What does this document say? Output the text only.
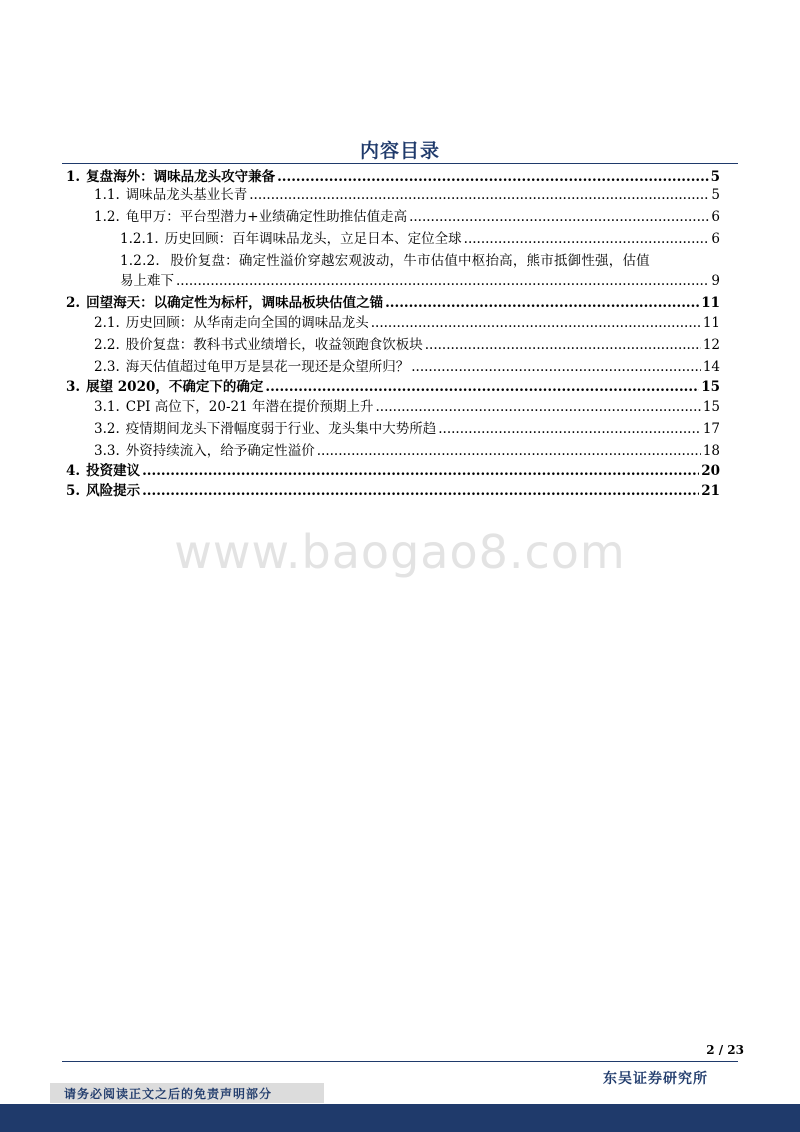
内容目录
1. 复盘海外：调味品龙头攻守兼备 .....	5
1.1. 调味品龙头基业长青 .....	5
1.2. 龟甲万：平台型潜力+业绩确定性助推估值走高 .....	6
1.2.1. 历史回顾：百年调味品龙头，立足日本、定位全球 .....	6
1.2.2. 股价复盘：确定性溢价穿越宏观波动，牛市估值中枢抬高，熊市抵御性强，估值
易上难下 .....	9
2. 回望海天：以确定性为标杆，调味品板块估值之锚 .....	11
2.1. 历史回顾：从华南走向全国的调味品龙头 .....	11
2.2. 股价复盘：教科书式业绩增长，收益领跑食饮板块 .....	12
2.3. 海天估值超过龟甲万是昙花一现还是众望所归？ .....	14
3. 展望 2020，不确定下的确定 .....	15
3.1. CPI 高位下，20-21 年潜在提价预期上升 .....	15
3.2. 疫情期间龙头下滑幅度弱于行业、龙头集中大势所趋 .....	17
3.3. 外资持续流入，给予确定性溢价 .....	18
4. 投资建议 .....	20
5. 风险提示 .....	21
www.baogao8.com
2 / 23
东吴证券研究所
请务必阅读正文之后的免责声明部分
